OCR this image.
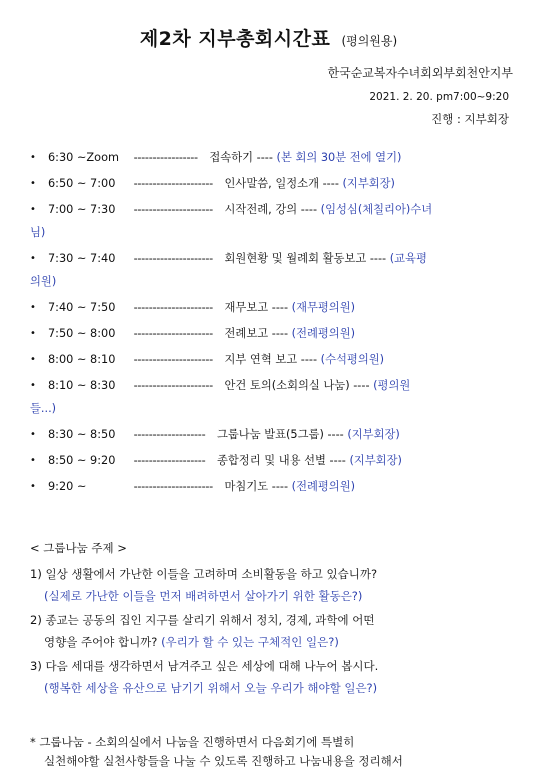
제2차 지부총회시간표 (평의원용)
한국순교복자수녀회외부회천안지부
2021. 2. 20. pm7:00~9:20
진행 : 지부회장
• 6:30 ~Zoom ----------------- 접속하기 ---- (본 회의 30분 전에 열기)
• 6:50 ~ 7:00 --------------------- 인사말씀, 일정소개 ---- (지부회장)
• 7:00 ~ 7:30 --------------------- 시작전례, 강의 ---- (임성심(체칠리아)수녀
님)
• 7:30 ~ 7:40 --------------------- 회원현황 및 월례회 활동보고 ---- (교육평
의원)
• 7:40 ~ 7:50 --------------------- 재무보고 ---- (재무평의원)
• 7:50 ~ 8:00 --------------------- 전례보고 ---- (전례평의원)
• 8:00 ~ 8:10 --------------------- 지부 연혁 보고 ---- (수석평의원)
• 8:10 ~ 8:30 --------------------- 안건 토의(소회의실 나눔) ---- (평의원
들...)
• 8:30 ~ 8:50 ------------------- 그룹나눔 발표(5그룹) ---- (지부회장)
• 8:50 ~ 9:20 ------------------- 종합정리 및 내용 선별 ---- (지부회장)
• 9:20 ~	--------------------- 마침기도 ---- (전례평의원)
< 그룹나눔 주제 >
1) 일상 생활에서 가난한 이들을 고려하며 소비활동을 하고 있습니까?
(실제로 가난한 이들을 먼저 배려하면서 살아가기 위한 활동은?)
2) 종교는 공동의 집인 지구를 살리기 위해서 정치, 경제, 과학에 어떤
영향을 주어야 합니까? (우리가 할 수 있는 구체적인 일은?)
3) 다음 세대를 생각하면서 남겨주고 싶은 세상에 대해 나누어 봅시다.
(행복한 세상을 유산으로 남기기 위해서 오늘 우리가 해야할 일은?)
* 그룹나눔 - 소회의실에서 나눔을 진행하면서 다음회기에 특별히
실천해야할 실천사항들을 나눌 수 있도록 진행하고 나눔내용을 정리해서
